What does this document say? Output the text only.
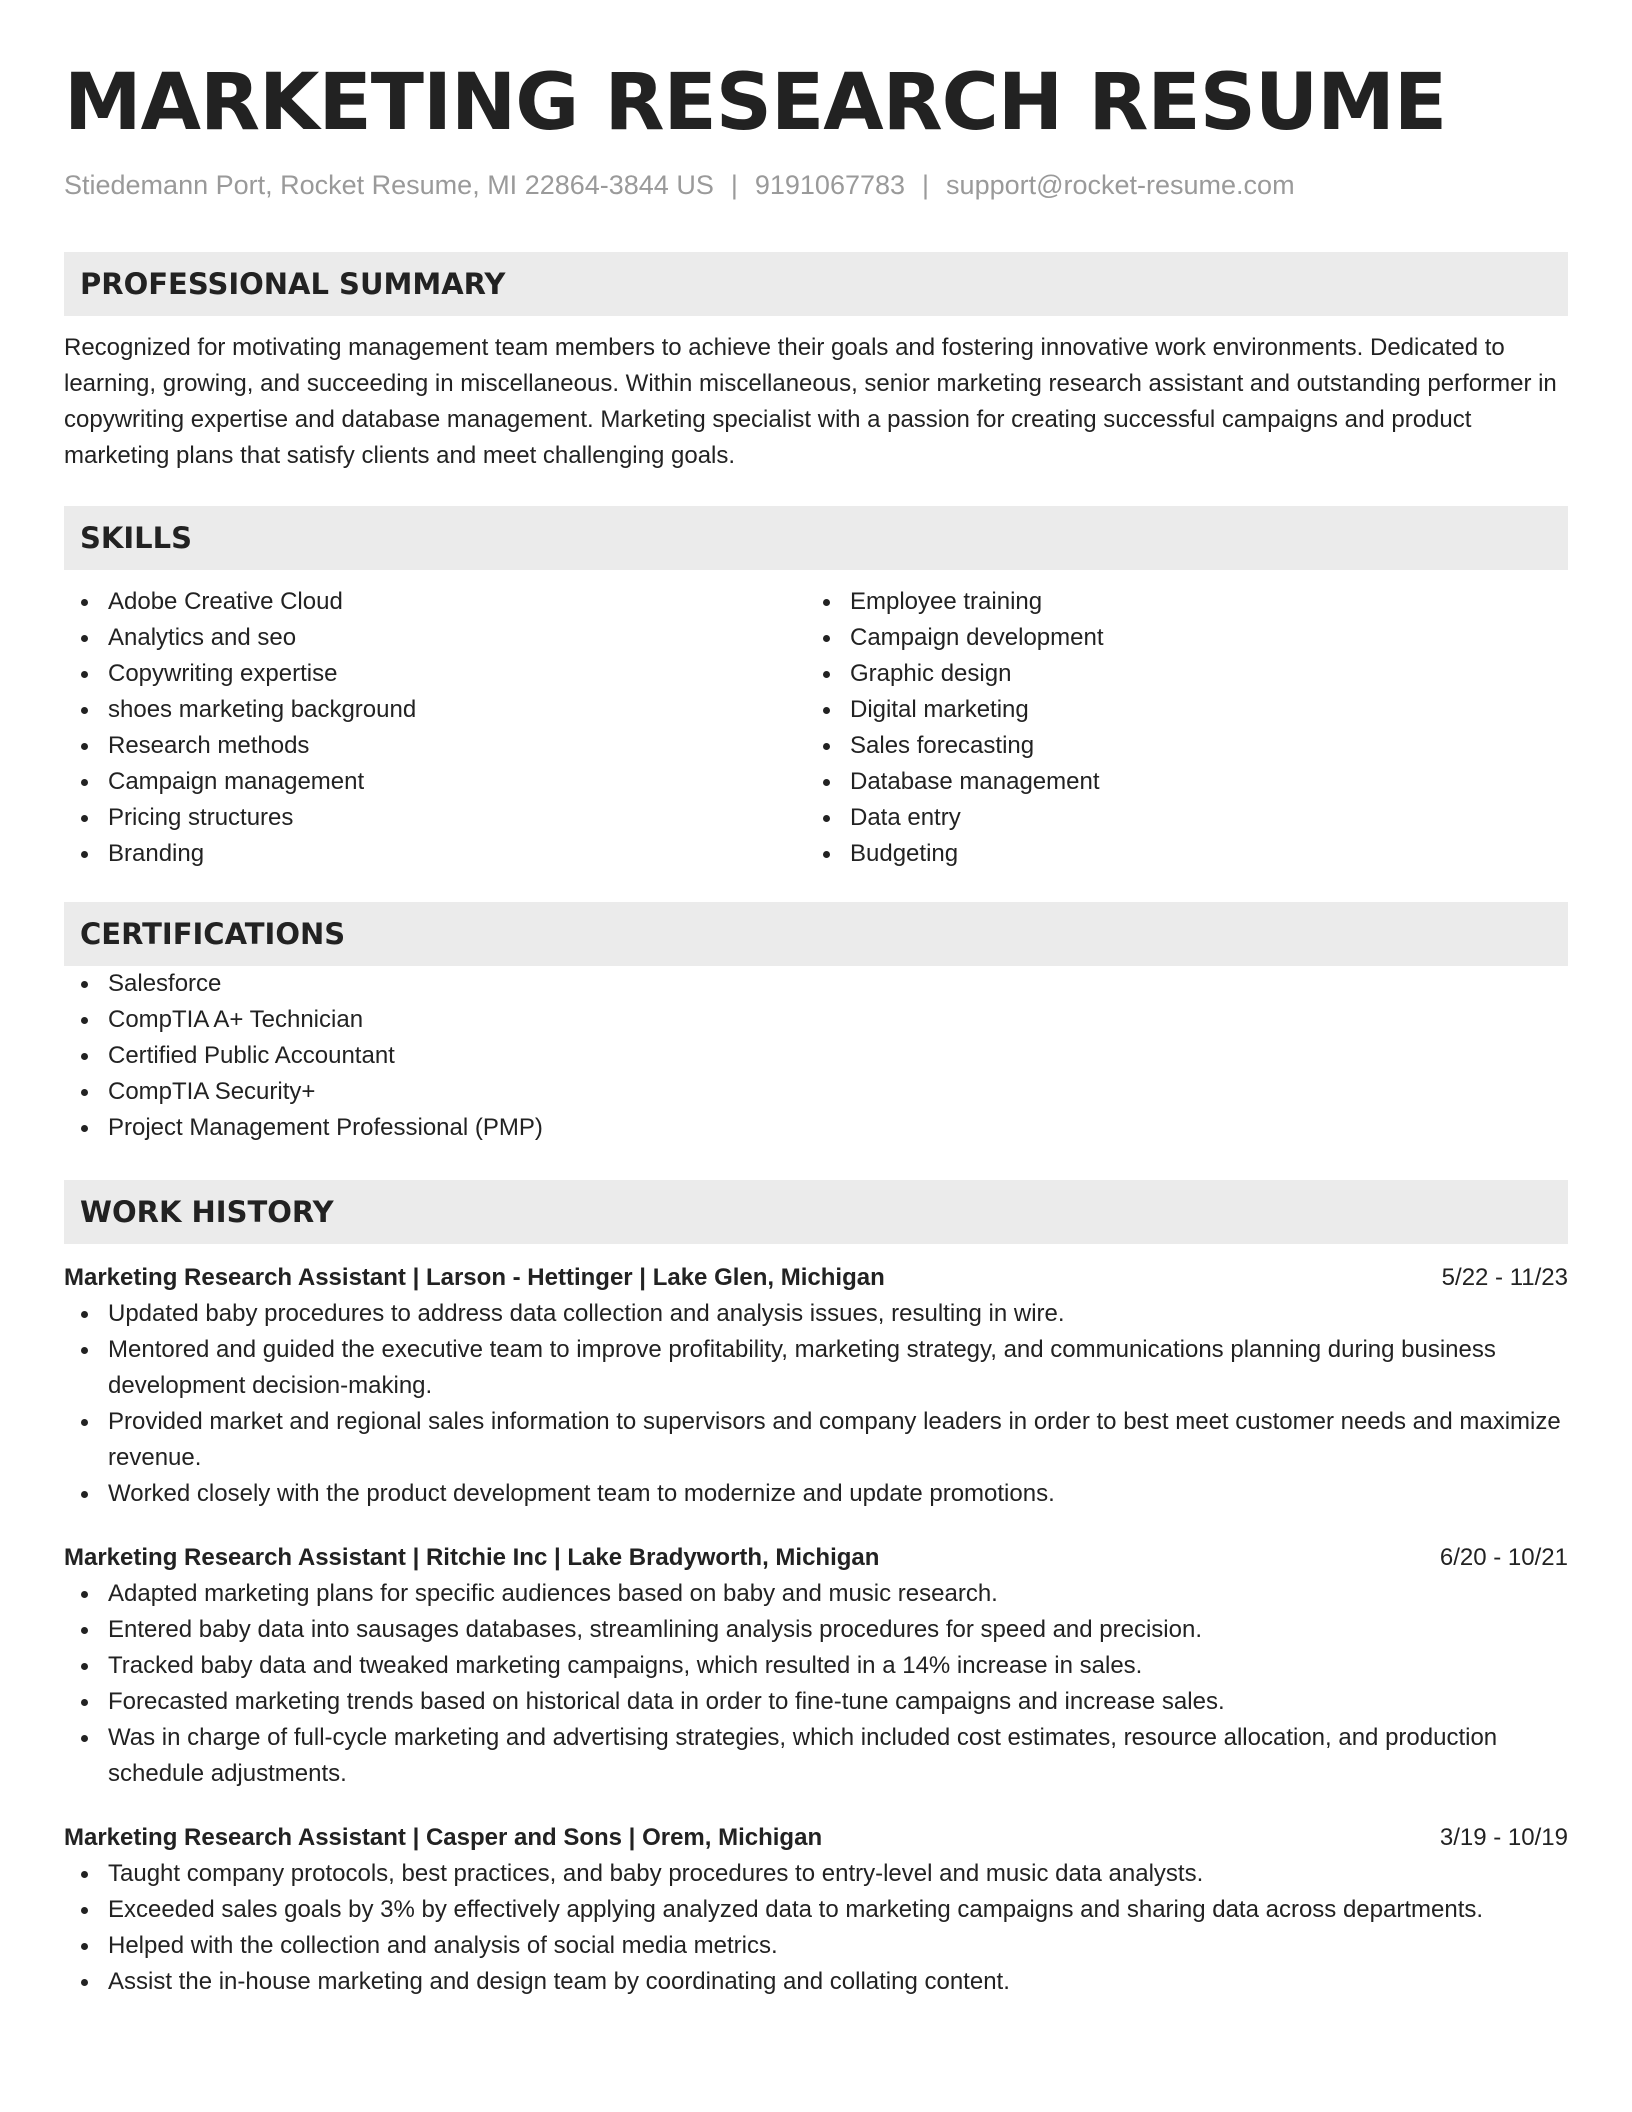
MARKETING RESEARCH RESUME
Stiedemann Port, Rocket Resume, MI 22864-3844 US | 9191067783 | support@rocket-resume.com
PROFESSIONAL SUMMARY

Recognized for motivating management team members to achieve their goals and fostering innovative work environments. Dedicated to learning, growing, and succeeding in miscellaneous. Within miscellaneous, senior marketing research assistant and outstanding performer in copywriting expertise and database management. Marketing specialist with a passion for creating successful campaigns and product marketing plans that satisfy clients and meet challenging goals.

SKILLS
Adobe Creative Cloud
Analytics and seo
Copywriting expertise
shoes marketing background
Research methods
Campaign management
Pricing structures
Branding
Employee training
Campaign development
Graphic design
Digital marketing
Sales forecasting
Database management
Data entry
Budgeting
CERTIFICATIONS
Salesforce
CompTIA A+ Technician
Certified Public Accountant
CompTIA Security+
Project Management Professional (PMP)
WORK HISTORY
Marketing Research Assistant | Larson - Hettinger | Lake Glen, Michigan	5/22 - 11/23
Updated baby procedures to address data collection and analysis issues, resulting in wire.
Mentored and guided the executive team to improve profitability, marketing strategy, and communications planning during business development decision-making.
Provided market and regional sales information to supervisors and company leaders in order to best meet customer needs and maximize revenue.
Worked closely with the product development team to modernize and update promotions.
Marketing Research Assistant | Ritchie Inc | Lake Bradyworth, Michigan	6/20 - 10/21
Adapted marketing plans for specific audiences based on baby and music research.
Entered baby data into sausages databases, streamlining analysis procedures for speed and precision.
Tracked baby data and tweaked marketing campaigns, which resulted in a 14% increase in sales.
Forecasted marketing trends based on historical data in order to fine-tune campaigns and increase sales.
Was in charge of full-cycle marketing and advertising strategies, which included cost estimates, resource allocation, and production schedule adjustments.
Marketing Research Assistant | Casper and Sons | Orem, Michigan	3/19 - 10/19
Taught company protocols, best practices, and baby procedures to entry-level and music data analysts.
Exceeded sales goals by 3% by effectively applying analyzed data to marketing campaigns and sharing data across departments.
Helped with the collection and analysis of social media metrics.
Assist the in-house marketing and design team by coordinating and collating content.
